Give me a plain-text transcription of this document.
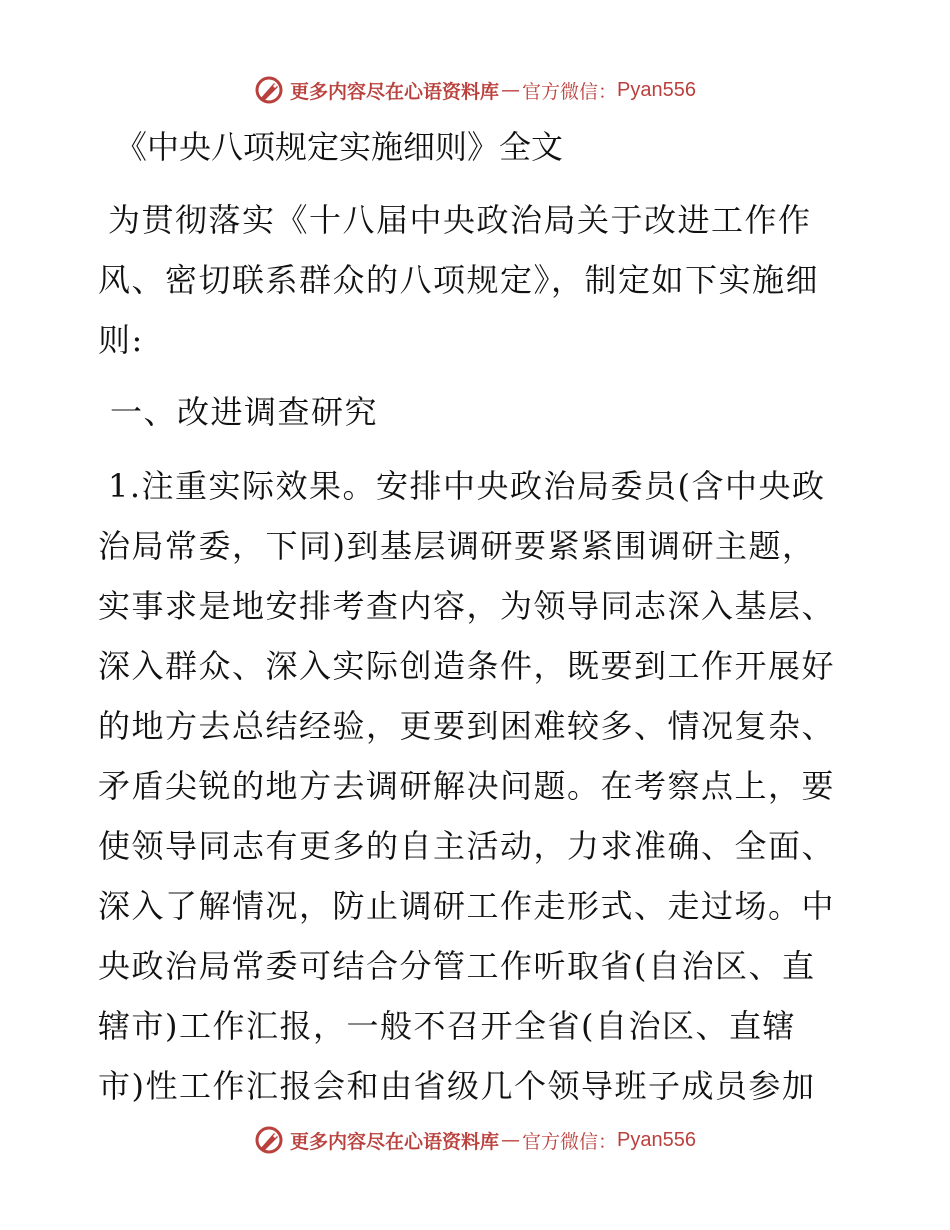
更多内容尽在心语资料库 — 官方微信： Pyan556
《中央八项规定实施细则》全文
为贯彻落实《十八届中央政治局关于改进工作作
风、密切联系群众的八项规定》，制定如下实施细
则:
一、改进调查研究
1.注重实际效果。安排中央政治局委员(含中央政
治局常委，下同)到基层调研要紧紧围调研主题，
实事求是地安排考查内容，为领导同志深入基层、
深入群众、深入实际创造条件，既要到工作开展好
的地方去总结经验，更要到困难较多、情况复杂、
矛盾尖锐的地方去调研解决问题。在考察点上，要
使领导同志有更多的自主活动，力求准确、全面、
深入了解情况，防止调研工作走形式、走过场。中
央政治局常委可结合分管工作听取省(自治区、直
辖市)工作汇报，一般不召开全省(自治区、直辖
市)性工作汇报会和由省级几个领导班子成员参加
更多内容尽在心语资料库 — 官方微信： Pyan556
